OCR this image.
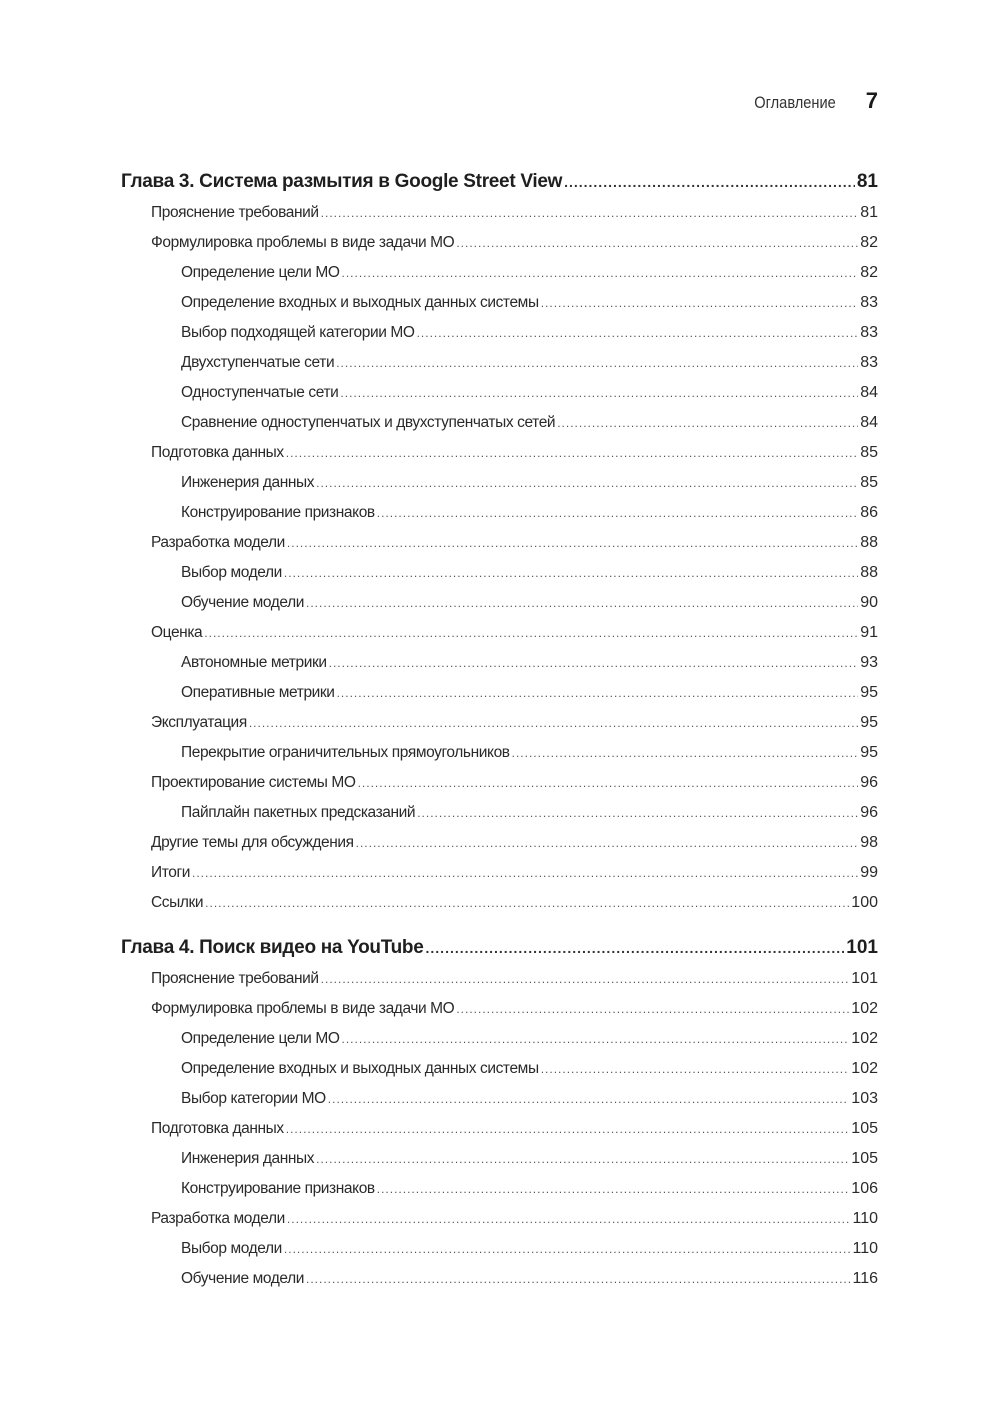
Оглавление 7
Глава 3. Система размытия в Google Street View .....	81
Прояснение требований .....	81
Формулировка проблемы в виде задачи МО .....	82
Определение цели МО .....	82
Определение входных и выходных данных системы .....	83
Выбор подходящей категории МО .....	83
Двухступенчатые сети .....	83
Одноступенчатые сети .....	84
Сравнение одноступенчатых и двухступенчатых сетей .....	84
Подготовка данных .....	85
Инженерия данных .....	85
Конструирование признаков .....	86
Разработка модели .....	88
Выбор модели .....	88
Обучение модели .....	90
Оценка .....	91
Автономные метрики .....	93
Оперативные метрики .....	95
Эксплуатация .....	95
Перекрытие ограничительных прямоугольников .....	95
Проектирование системы МО .....	96
Пайплайн пакетных предсказаний .....	96
Другие темы для обсуждения .....	98
Итоги .....	99
Ссылки .....	100
Глава 4. Поиск видео на YouTube .....	101
Прояснение требований .....	101
Формулировка проблемы в виде задачи МО .....	102
Определение цели МО .....	102
Определение входных и выходных данных системы .....	102
Выбор категории МО .....	103
Подготовка данных .....	105
Инженерия данных .....	105
Конструирование признаков .....	106
Разработка модели .....	110
Выбор модели .....	110
Обучение модели .....	116
